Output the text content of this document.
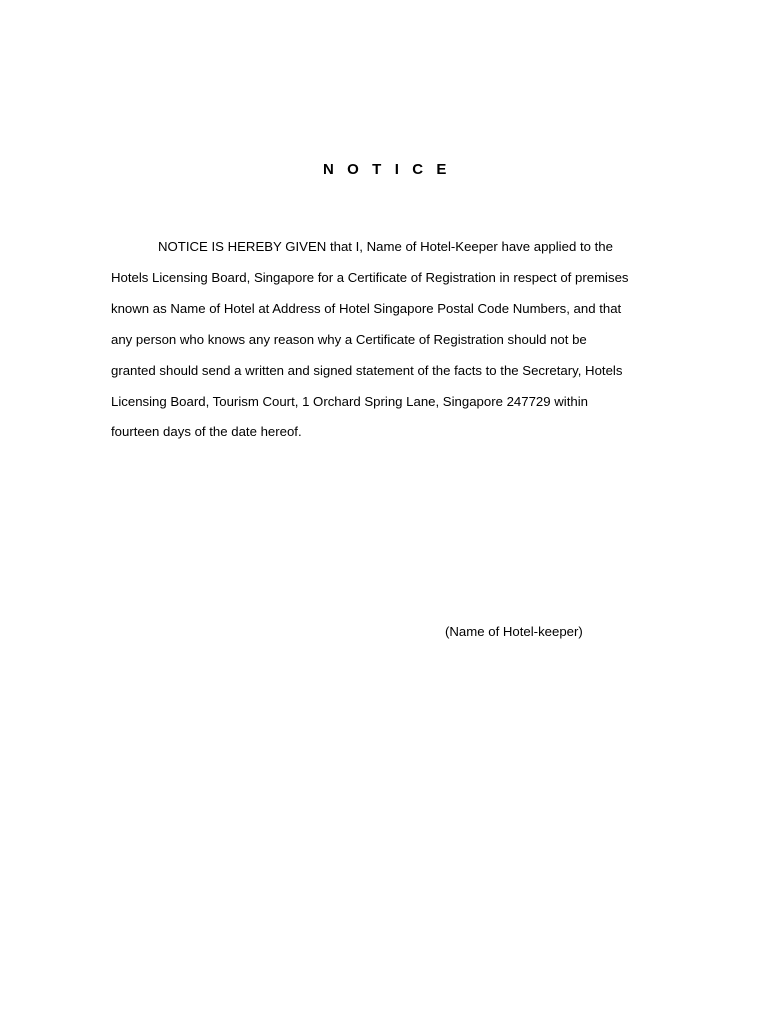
N O T I C E
NOTICE IS HEREBY GIVEN that I, Name of Hotel-Keeper have applied to the
Hotels Licensing Board, Singapore for a Certificate of Registration in respect of premises
known as Name of Hotel at Address of Hotel Singapore Postal Code Numbers, and that
any person who knows any reason why a Certificate of Registration should not be
granted should send a written and signed statement of the facts to the Secretary, Hotels
Licensing Board, Tourism Court, 1 Orchard Spring Lane, Singapore 247729 within
fourteen days of the date hereof.
(Name of Hotel-keeper)
